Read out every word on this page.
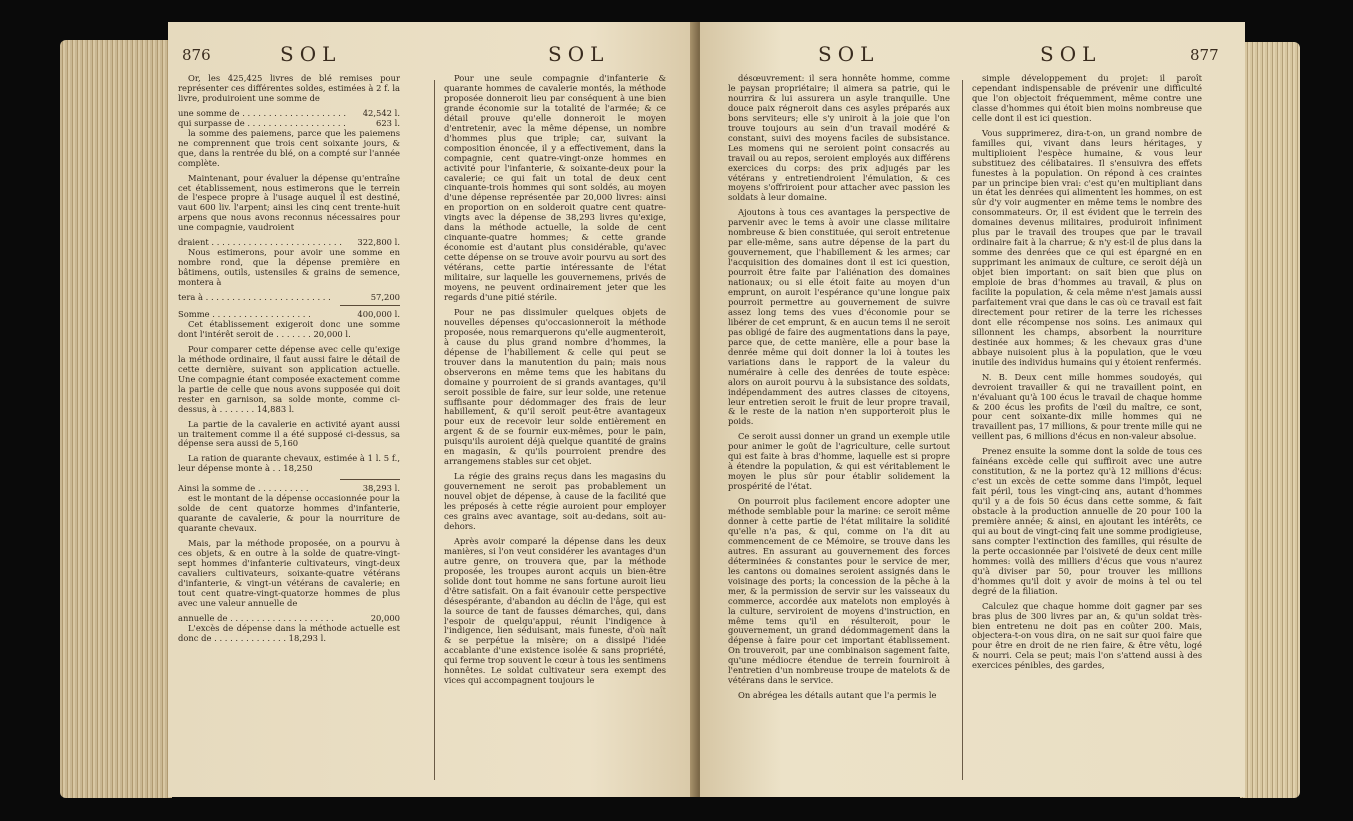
876	SOL	SOL

Or, les 425,425 livres de blé remises pour représenter ces différentes soldes, estimées à 2 f. la livre, produiroient une somme de

une somme de . . . . . . . . . . . . . . . . . . . .	42,542 l.
qui surpasse de . . . . . . . . . . . . . . . . . . .	623 l.

la somme des paiemens, parce que les paiemens ne comprennent que trois cent soixante jours, & que, dans la rentrée du blé, on a compté sur l'année complète.

Maintenant, pour évaluer la dépense qu'entraîne cet établissement, nous estimerons que le terrein de l'espece propre à l'usage auquel il est destiné, vaut 600 liv. l'arpent; ainsi les cinq cent trente-huit arpens que nous avons reconnus nécessaires pour une compagnie, vaudroient

draient . . . . . . . . . . . . . . . . . . . . . . . . .	322,800 l.

Nous estimerons, pour avoir une somme en nombre rond, que la dépense première en bâtimens, outils, ustensiles & grains de semence, montera à

tera à . . . . . . . . . . . . . . . . . . . . . . . .	57,200
Somme . . . . . . . . . . . . . . . . . . .	400,000 l.

Cet établissement exigeroit donc une somme dont l'intérêt seroit de . . . . . . . 20,000 l.

Pour comparer cette dépense avec celle qu'exige la méthode ordinaire, il faut aussi faire le détail de cette dernière, suivant son application actuelle. Une compagnie étant composée exactement comme la partie de celle que nous avons supposée qui doit rester en garnison, sa solde monte, comme ci-dessus, à . . . . . . . 14,883 l.

La partie de la cavalerie en activité ayant aussi un traitement comme il a été supposé ci-dessus, sa dépense sera aussi de 5,160

La ration de quarante chevaux, estimée à 1 l. 5 f., leur dépense monte à . . 18,250

Ainsi la somme de . . . . . . . . . .	38,293 l.

est le montant de la dépense occasionnée pour la solde de cent quatorze hommes d'infanterie, quarante de cavalerie, & pour la nourriture de quarante chevaux.

Mais, par la méthode proposée, on a pourvu à ces objets, & en outre à la solde de quatre-vingt-sept hommes d'infanterie cultivateurs, vingt-deux cavaliers cultivateurs, soixante-quatre vétérans d'infanterie, & vingt-un vétérans de cavalerie; en tout cent quatre-vingt-quatorze hommes de plus avec une valeur annuelle de

annuelle de . . . . . . . . . . . . . . . . . . . .	20,000

L'excès de dépense dans la méthode actuelle est donc de . . . . . . . . . . . . . . 18,293 l.

Pour une seule compagnie d'infanterie & quarante hommes de cavalerie montés, la méthode proposée donneroit lieu par conséquent à une bien grande économie sur la totalité de l'armée; & ce détail prouve qu'elle donneroit le moyen d'entretenir, avec la même dépense, un nombre d'hommes plus que triple; car, suivant la composition énoncée, il y a effectivement, dans la compagnie, cent quatre-vingt-onze hommes en activité pour l'infanterie, & soixante-deux pour la cavalerie; ce qui fait un total de deux cent cinquante-trois hommes qui sont soldés, au moyen d'une dépense représentée par 20,000 livres: ainsi en proportion on en solderoit quatre cent quatre-vingts avec la dépense de 38,293 livres qu'exige, dans la méthode actuelle, la solde de cent cinquante-quatre hommes; & cette grande économie est d'autant plus considérable, qu'avec cette dépense on se trouve avoir pourvu au sort des vétérans, cette partie intéressante de l'état militaire, sur laquelle les gouvernemens, privés de moyens, ne peuvent ordinairement jeter que les regards d'une pitié stérile.

Pour ne pas dissimuler quelques objets de nouvelles dépenses qu'occasionneroit la méthode proposée, nous remarquerons qu'elle augmenteroit, à cause du plus grand nombre d'hommes, la dépense de l'habillement & celle qui peut se trouver dans la manutention du pain; mais nous observerons en même tems que les habitans du domaine y pourroient de si grands avantages, qu'il seroit possible de faire, sur leur solde, une retenue suffisante pour dédommager des frais de leur habillement, & qu'il seroit peut-être avantageux pour eux de recevoir leur solde entièrement en argent & de se fournir eux-mêmes, pour le pain, puisqu'ils auroient déjà quelque quantité de grains en magasin, & qu'ils pourroient prendre des arrangemens stables sur cet objet.

La régie des grains reçus dans les magasins du gouvernement ne seroit pas probablement un nouvel objet de dépense, à cause de la facilité que les préposés à cette régie auroient pour employer ces grains avec avantage, soit au-dedans, soit au-dehors.

Après avoir comparé la dépense dans les deux manières, si l'on veut considérer les avantages d'un autre genre, on trouvera que, par la méthode proposée, les troupes auront acquis un bien-être solide dont tout homme ne sans fortune auroit lieu d'être satisfait. On a fait évanouir cette perspective désespérante, d'abandon au déclin de l'âge, qui est la source de tant de fausses démarches, qui, dans l'espoir de quelqu'appui, réunit l'indigence à l'indigence, lien séduisant, mais funeste, d'où naît & se perpétue la misère; on a dissipé l'idée accablante d'une existence isolée & sans propriété, qui ferme trop souvent le cœur à tous les sentimens honnêtes. Le soldat cultivateur sera exempt des vices qui accompagnent toujours le

SOL	SOL	877

désœuvrement: il sera honnête homme, comme le paysan propriétaire; il aimera sa patrie, qui le nourrira & lui assurera un asyle tranquille. Une douce paix régneroit dans ces asyles préparés aux bons serviteurs; elle s'y uniroit à la joie que l'on trouve toujours au sein d'un travail modéré & constant, suivi des moyens faciles de subsistance. Les momens qui ne seroient point consacrés au travail ou au repos, seroient employés aux différens exercices du corps: des prix adjugés par les vétérans y entretiendroient l'émulation, & ces moyens s'offriroient pour attacher avec passion les soldats à leur domaine.

Ajoutons à tous ces avantages la perspective de parvenir avec le tems à avoir une classe militaire nombreuse & bien constituée, qui seroit entretenue par elle-même, sans autre dépense de la part du gouvernement, que l'habillement & les armes; car l'acquisition des domaines dont il est ici question, pourroit être faite par l'aliénation des domaines nationaux; ou si elle étoit faite au moyen d'un emprunt, on auroit l'espérance qu'une longue paix pourroit permettre au gouvernement de suivre assez long tems des vues d'économie pour se libérer de cet emprunt, & en aucun tems il ne seroit pas obligé de faire des augmentations dans la paye, parce que, de cette manière, elle a pour base la denrée même qui doit donner la loi à toutes les variations dans le rapport de la valeur du numéraire à celle des denrées de toute espèce: alors on auroit pourvu à la subsistance des soldats, indépendamment des autres classes de citoyens, leur entretien seroit le fruit de leur propre travail, & le reste de la nation n'en supporteroit plus le poids.

Ce seroit aussi donner un grand un exemple utile pour animer le goût de l'agriculture, celle surtout qui est faite à bras d'homme, laquelle est si propre à étendre la population, & qui est véritablement le moyen le plus sûr pour établir solidement la prospérité de l'état.

On pourroit plus facilement encore adopter une méthode semblable pour la marine: ce seroit même donner à cette partie de l'état militaire la solidité qu'elle n'a pas, & qui, comme on l'a dit au commencement de ce Mémoire, se trouve dans les autres. En assurant au gouvernement des forces déterminées & constantes pour le service de mer, les cantons ou domaines seroient assignés dans le voisinage des ports; la concession de la pêche à la mer, & la permission de servir sur les vaisseaux du commerce, accordée aux matelots non employés à la culture, serviroient de moyens d'instruction, en même tems qu'il en résulteroit, pour le gouvernement, un grand dédommagement dans la dépense à faire pour cet important établissement. On trouveroit, par une combinaison sagement faite, qu'une médiocre étendue de terrein fourniroit à l'entretien d'un nombreuse troupe de matelots & de vétérans dans le service.

On abrégea les détails autant que l'a permis le

simple développement du projet: il paroît cependant indispensable de prévenir une difficulté que l'on objectoit fréquemment, même contre une classe d'hommes qui étoit bien moins nombreuse que celle dont il est ici question.

Vous supprimerez, dira-t-on, un grand nombre de familles qui, vivant dans leurs héritages, y multiplioient l'espèce humaine, & vous leur substituez des célibataires. Il s'ensuivra des effets funestes à la population. On répond à ces craintes par un principe bien vrai: c'est qu'en multipliant dans un état les denrées qui alimentent les hommes, on est sûr d'y voir augmenter en même tems le nombre des consommateurs. Or, il est évident que le terrein des domaines devenus militaires, produiroit infiniment plus par le travail des troupes que par le travail ordinaire fait à la charrue; & n'y est-il de plus dans la somme des denrées que ce qui est épargné en en supprimant les animaux de culture, ce seroit déjà un objet bien important: on sait bien que plus on emploie de bras d'hommes au travail, & plus on facilite la population, & cela même n'est jamais aussi parfaitement vrai que dans le cas où ce travail est fait directement pour retirer de la terre les richesses dont elle récompense nos soins. Les animaux qui sillonnent les champs, absorbent la nourriture destinée aux hommes; & les chevaux gras d'une abbaye nuisoient plus à la population, que le vœu inutile des individus humains qui y étoient renfermés.

N. B. Deux cent mille hommes soudoyés, qui devroient travailler & qui ne travaillent point, en n'évaluant qu'à 100 écus le travail de chaque homme & 200 écus les profits de l'œil du maître, ce sont, pour cent soixante-dix mille hommes qui ne travaillent pas, 17 millions, & pour trente mille qui ne veillent pas, 6 millions d'écus en non-valeur absolue.

Prenez ensuite la somme dont la solde de tous ces fainéans excède celle qui suffiroit avec une autre constitution, & ne la portez qu'à 12 millions d'écus: c'est un excès de cette somme dans l'impôt, lequel fait péril, tous les vingt-cinq ans, autant d'hommes qu'il y a de fois 50 écus dans cette somme, & fait obstacle à la production annuelle de 20 pour 100 la première année; & ainsi, en ajoutant les intérêts, ce qui au bout de vingt-cinq fait une somme prodigieuse, sans compter l'extinction des familles, qui résulte de la perte occasionnée par l'oisiveté de deux cent mille hommes: voilà des milliers d'écus que vous n'aurez qu'à diviser par 50, pour trouver les millions d'hommes qu'il doit y avoir de moins à tel ou tel degré de la filiation.

Calculez que chaque homme doit gagner par ses bras plus de 300 livres par an, & qu'un soldat très-bien entretenu ne doit pas en coûter 200. Mais, objectera-t-on vous dira, on ne sait sur quoi faire que pour être en droit de ne rien faire, & être vêtu, logé & nourri. Cela se peut; mais l'on s'attend aussi à des exercices pénibles, des gardes,
